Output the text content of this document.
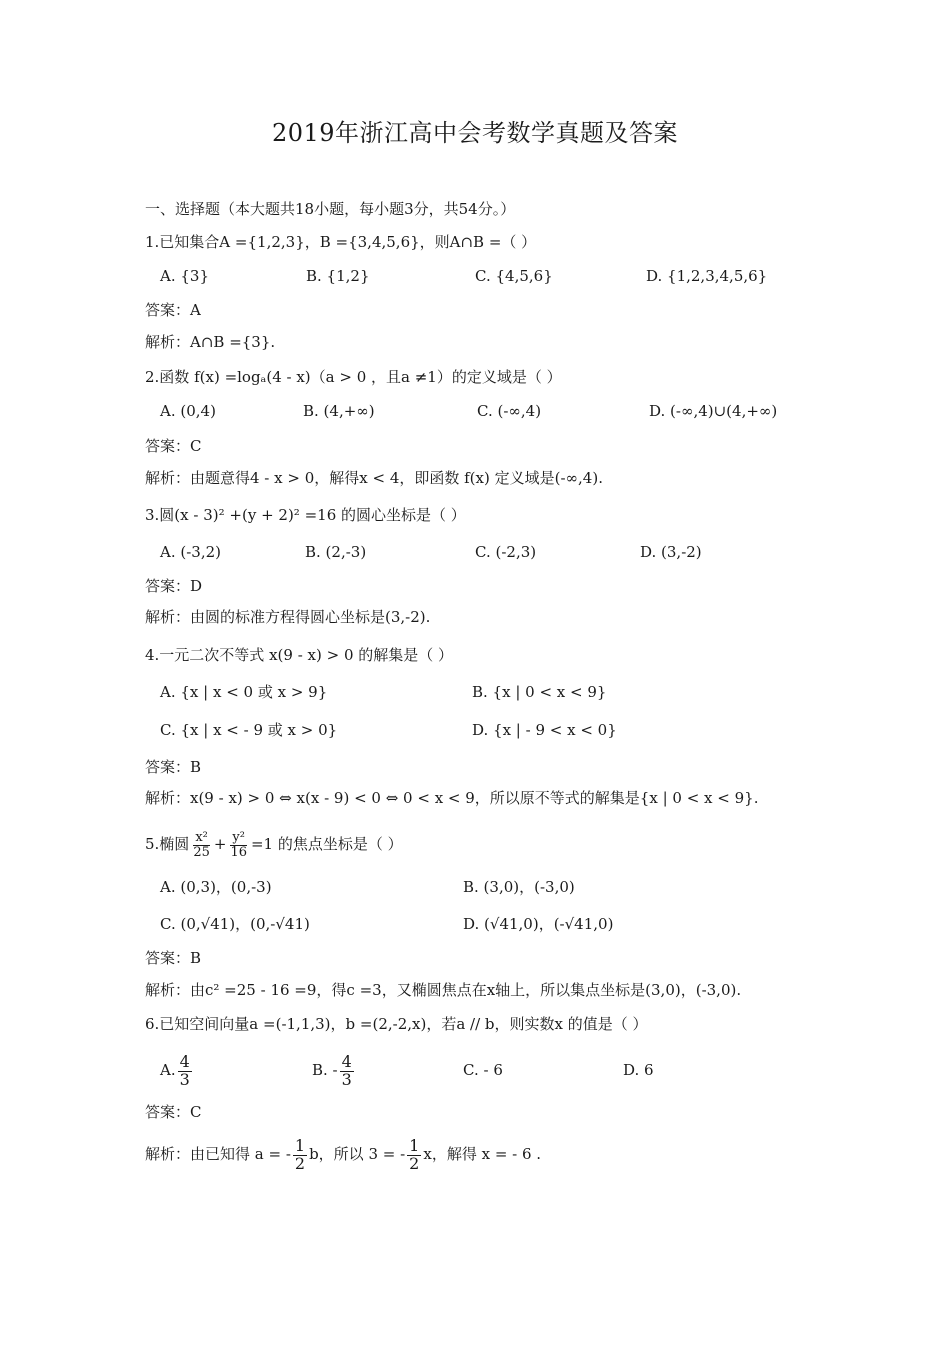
2019年浙江高中会考数学真题及答案
一、选择题（本大题共18小题，每小题3分，共54分。）
1.已知集合A ={1,2,3}，B ={3,4,5,6}，则A∩B =（ ）
A. {3}	B. {1,2}	C. {4,5,6}	D. {1,2,3,4,5,6}
答案：A
解析：A∩B ={3}.
2.函数 f(x) =logₐ(4 - x)（a > 0 ，且a ≠1）的定义域是（ ）
A. (0,4)	B. (4,+∞)	C. (-∞,4)	D. (-∞,4)∪(4,+∞)
答案：C
解析：由题意得4 - x > 0，解得x < 4，即函数 f(x) 定义域是(-∞,4).
3.圆(x - 3)² +(y + 2)² =16 的圆心坐标是（ ）
A. (-3,2)	B. (2,-3)	C. (-2,3)	D. (3,-2)
答案：D
解析：由圆的标准方程得圆心坐标是(3,-2).
4.一元二次不等式 x(9 - x) > 0 的解集是（ ）
A. {x | x < 0 或 x > 9}	B. {x | 0 < x < 9}
C. {x | x < - 9 或 x > 0}	D. {x | - 9 < x < 0}
答案：B
解析：x(9 - x) > 0 ⇔ x(x - 9) < 0 ⇔ 0 < x < 9，所以原不等式的解集是{x | 0 < x < 9}.
5.椭圆 $\frac{\text{x²}}{25} + \frac{\text{y²}}{16} =1$ 的焦点坐标是（ ）
A. (0,3)，(0,-3)	B. (3,0)，(-3,0)
C. (0,√41)，(0,-√41)	D. (√41,0)，(-√41,0)
答案：B
解析：由c² =25 - 16 =9，得c =3，又椭圆焦点在x轴上，所以集点坐标是(3,0)，(-3,0).
6.已知空间向量a =(-1,1,3)，b =(2,-2,x)，若a // b，则实数x 的值是（ ）
A. $\frac{4}{3}$	B. - $\frac{4}{3}$	C. - 6	D. 6
答案：C
解析：由已知得 a = - $\frac{1}{2}$ b，所以 3 = - $\frac{1}{2}$ x，解得 x = - 6 .
